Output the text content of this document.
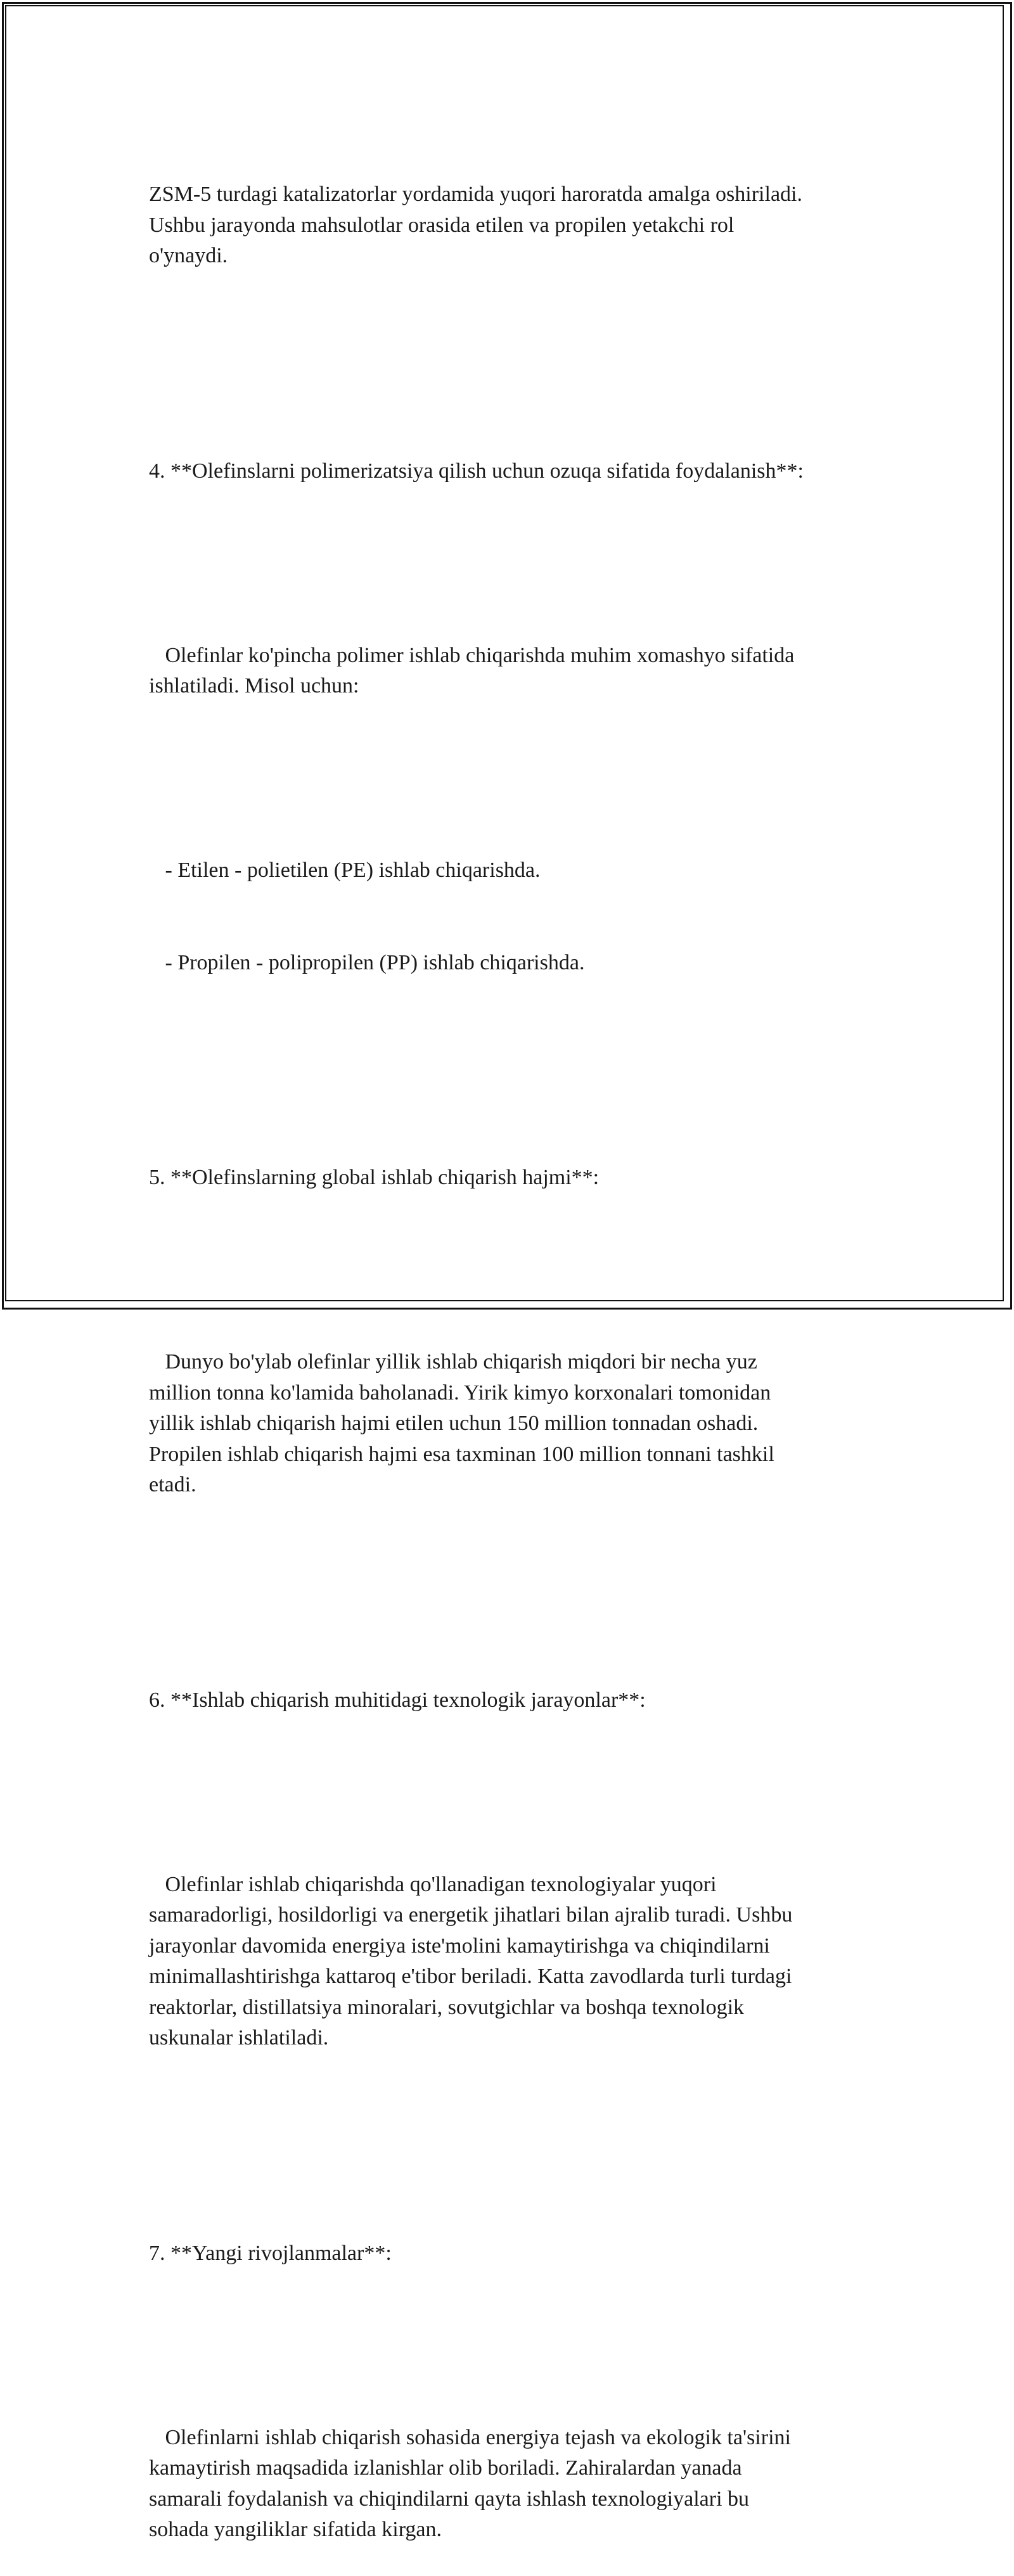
ZSM-5 turdagi katalizatorlar yordamida yuqori haroratda amalga oshiriladi.
Ushbu jarayonda mahsulotlar orasida etilen va propilen yetakchi rol
o'ynaydi.

4. **Olefinslarni polimerizatsiya qilish uchun ozuqa sifatida foydalanish**:

Olefinlar ko'pincha polimer ishlab chiqarishda muhim xomashyo sifatida
ishlatiladi. Misol uchun:

- Etilen - polietilen (PE) ishlab chiqarishda.

- Propilen - polipropilen (PP) ishlab chiqarishda.

5. **Olefinslarning global ishlab chiqarish hajmi**:

Dunyo bo'ylab olefinlar yillik ishlab chiqarish miqdori bir necha yuz
million tonna ko'lamida baholanadi. Yirik kimyo korxonalari tomonidan
yillik ishlab chiqarish hajmi etilen uchun 150 million tonnadan oshadi.
Propilen ishlab chiqarish hajmi esa taxminan 100 million tonnani tashkil
etadi.

6. **Ishlab chiqarish muhitidagi texnologik jarayonlar**:

Olefinlar ishlab chiqarishda qo'llanadigan texnologiyalar yuqori
samaradorligi, hosildorligi va energetik jihatlari bilan ajralib turadi. Ushbu
jarayonlar davomida energiya iste'molini kamaytirishga va chiqindilarni
minimallashtirishga kattaroq e'tibor beriladi. Katta zavodlarda turli turdagi
reaktorlar, distillatsiya minoralari, sovutgichlar va boshqa texnologik
uskunalar ishlatiladi.

7. **Yangi rivojlanmalar**:

Olefinlarni ishlab chiqarish sohasida energiya tejash va ekologik ta'sirini
kamaytirish maqsadida izlanishlar olib boriladi. Zahiralardan yanada
samarali foydalanish va chiqindilarni qayta ishlash texnologiyalari bu
sohada yangiliklar sifatida kirgan.
